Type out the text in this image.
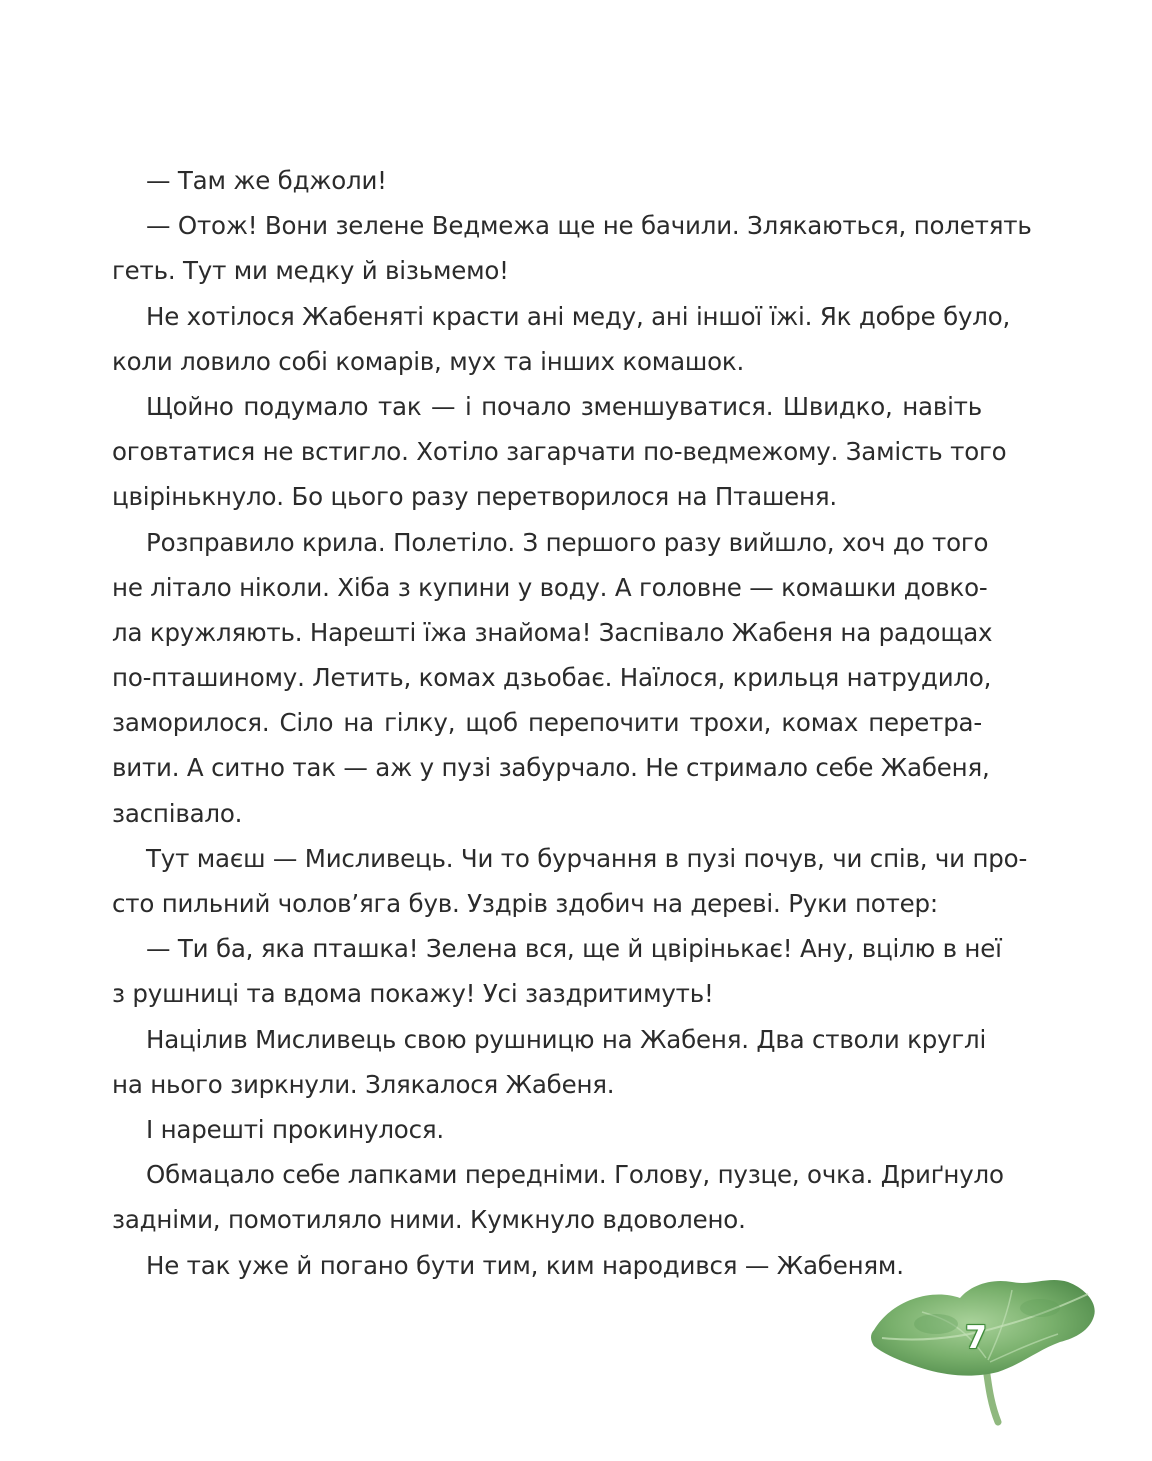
— Там же бджоли!
— Отож! Вони зелене Ведмежа ще не бачили. Злякаються, полетять
геть. Тут ми медку й візьмемо!
Не хотілося Жабеняті красти ані меду, ані іншої їжі. Як добре було,
коли ловило собі комарів, мух та інших комашок.
Щойно подумало так — і почало зменшуватися. Швидко, навіть
оговтатися не встигло. Хотіло загарчати по-ведмежому. Замість того
цвірінькнуло. Бо цього разу перетворилося на Пташеня.
Розправило крила. Полетіло. З першого разу вийшло, хоч до того
не літало ніколи. Хіба з купини у воду. А головне — комашки довко-
ла кружляють. Нарешті їжа знайома! Заспівало Жабеня на радощах
по-пташиному. Летить, комах дзьобає. Наїлося, крильця натрудило,
заморилося. Сіло на гілку, щоб перепочити трохи, комах перетра-
вити. А ситно так — аж у пузі забурчало. Не стримало себе Жабеня,
заспівало.
Тут маєш — Мисливець. Чи то бурчання в пузі почув, чи спів, чи про-
сто пильний чолов’яга був. Уздрів здобич на дереві. Руки потер:
— Ти ба, яка пташка! Зелена вся, ще й цвірінькає! Ану, вцілю в неї
з рушниці та вдома покажу! Усі заздритимуть!
Націлив Мисливець свою рушницю на Жабеня. Два стволи круглі
на нього зиркнули. Злякалося Жабеня.
І нарешті прокинулося.
Обмацало себе лапками передніми. Голову, пузце, очка. Дриґнуло
задніми, помотиляло ними. Кумкнуло вдоволено.
Не так уже й погано бути тим, ким народився — Жабеням.
7
